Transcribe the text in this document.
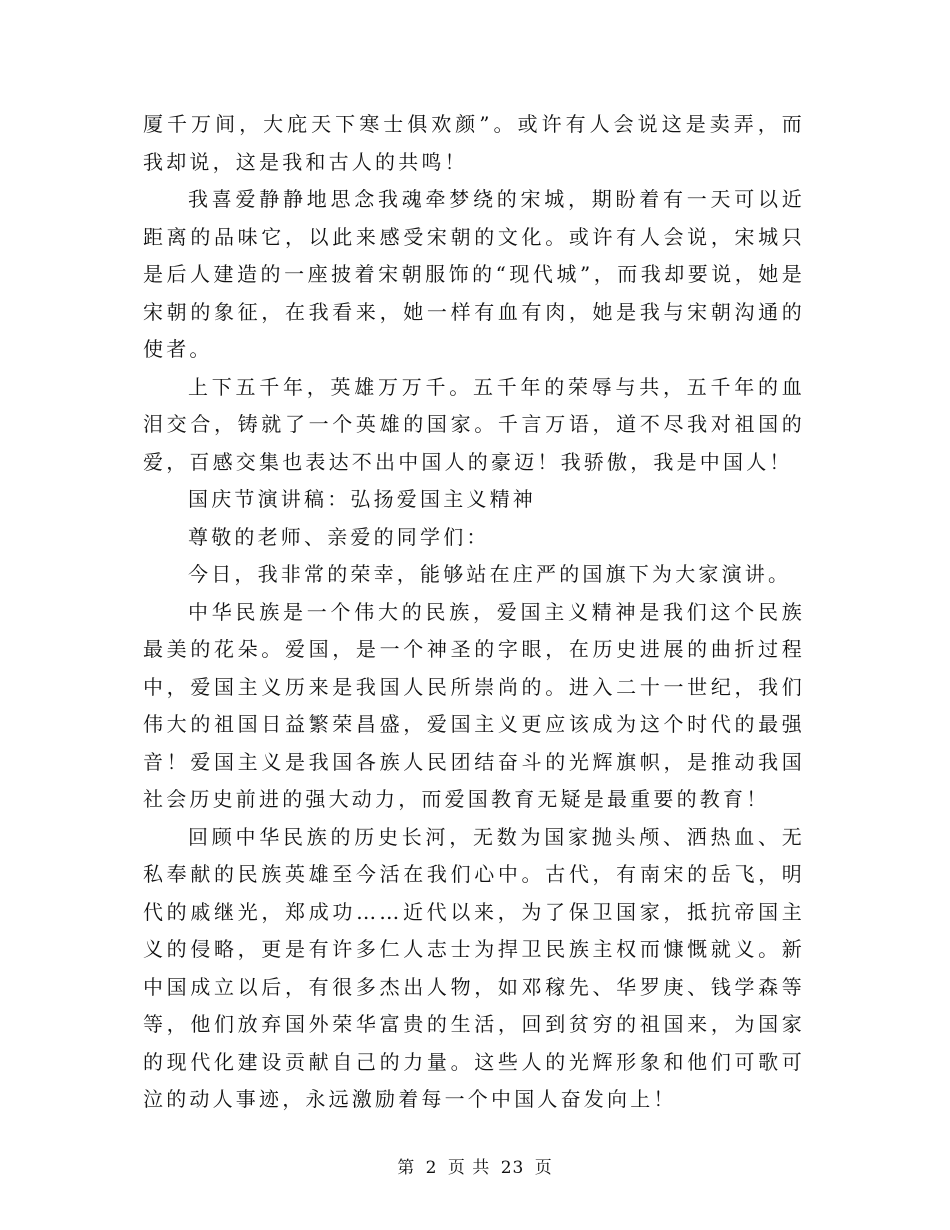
厦千万间，大庇天下寒士俱欢颜”。或许有人会说这是卖弄，而我却说，这是我和古人的共鸣！

我喜爱静静地思念我魂牵梦绕的宋城，期盼着有一天可以近距离的品味它，以此来感受宋朝的文化。或许有人会说，宋城只是后人建造的一座披着宋朝服饰的“现代城”，而我却要说，她是宋朝的象征，在我看来，她一样有血有肉，她是我与宋朝沟通的使者。

上下五千年，英雄万万千。五千年的荣辱与共，五千年的血泪交合，铸就了一个英雄的国家。千言万语，道不尽我对祖国的爱，百感交集也表达不出中国人的豪迈！我骄傲，我是中国人！

国庆节演讲稿：弘扬爱国主义精神

尊敬的老师、亲爱的同学们：

今日，我非常的荣幸，能够站在庄严的国旗下为大家演讲。

中华民族是一个伟大的民族，爱国主义精神是我们这个民族最美的花朵。爱国，是一个神圣的字眼，在历史进展的曲折过程中，爱国主义历来是我国人民所崇尚的。进入二十一世纪，我们伟大的祖国日益繁荣昌盛，爱国主义更应该成为这个时代的最强音！爱国主义是我国各族人民团结奋斗的光辉旗帜，是推动我国社会历史前进的强大动力，而爱国教育无疑是最重要的教育！

回顾中华民族的历史长河，无数为国家抛头颅、洒热血、无私奉献的民族英雄至今活在我们心中。古代，有南宋的岳飞，明代的戚继光，郑成功……近代以来，为了保卫国家，抵抗帝国主义的侵略，更是有许多仁人志士为捍卫民族主权而慷慨就义。新中国成立以后，有很多杰出人物，如邓稼先、华罗庚、钱学森等等，他们放弃国外荣华富贵的生活，回到贫穷的祖国来，为国家的现代化建设贡献自己的力量。这些人的光辉形象和他们可歌可泣的动人事迹，永远激励着每一个中国人奋发向上！

第 2 页 共 23 页
